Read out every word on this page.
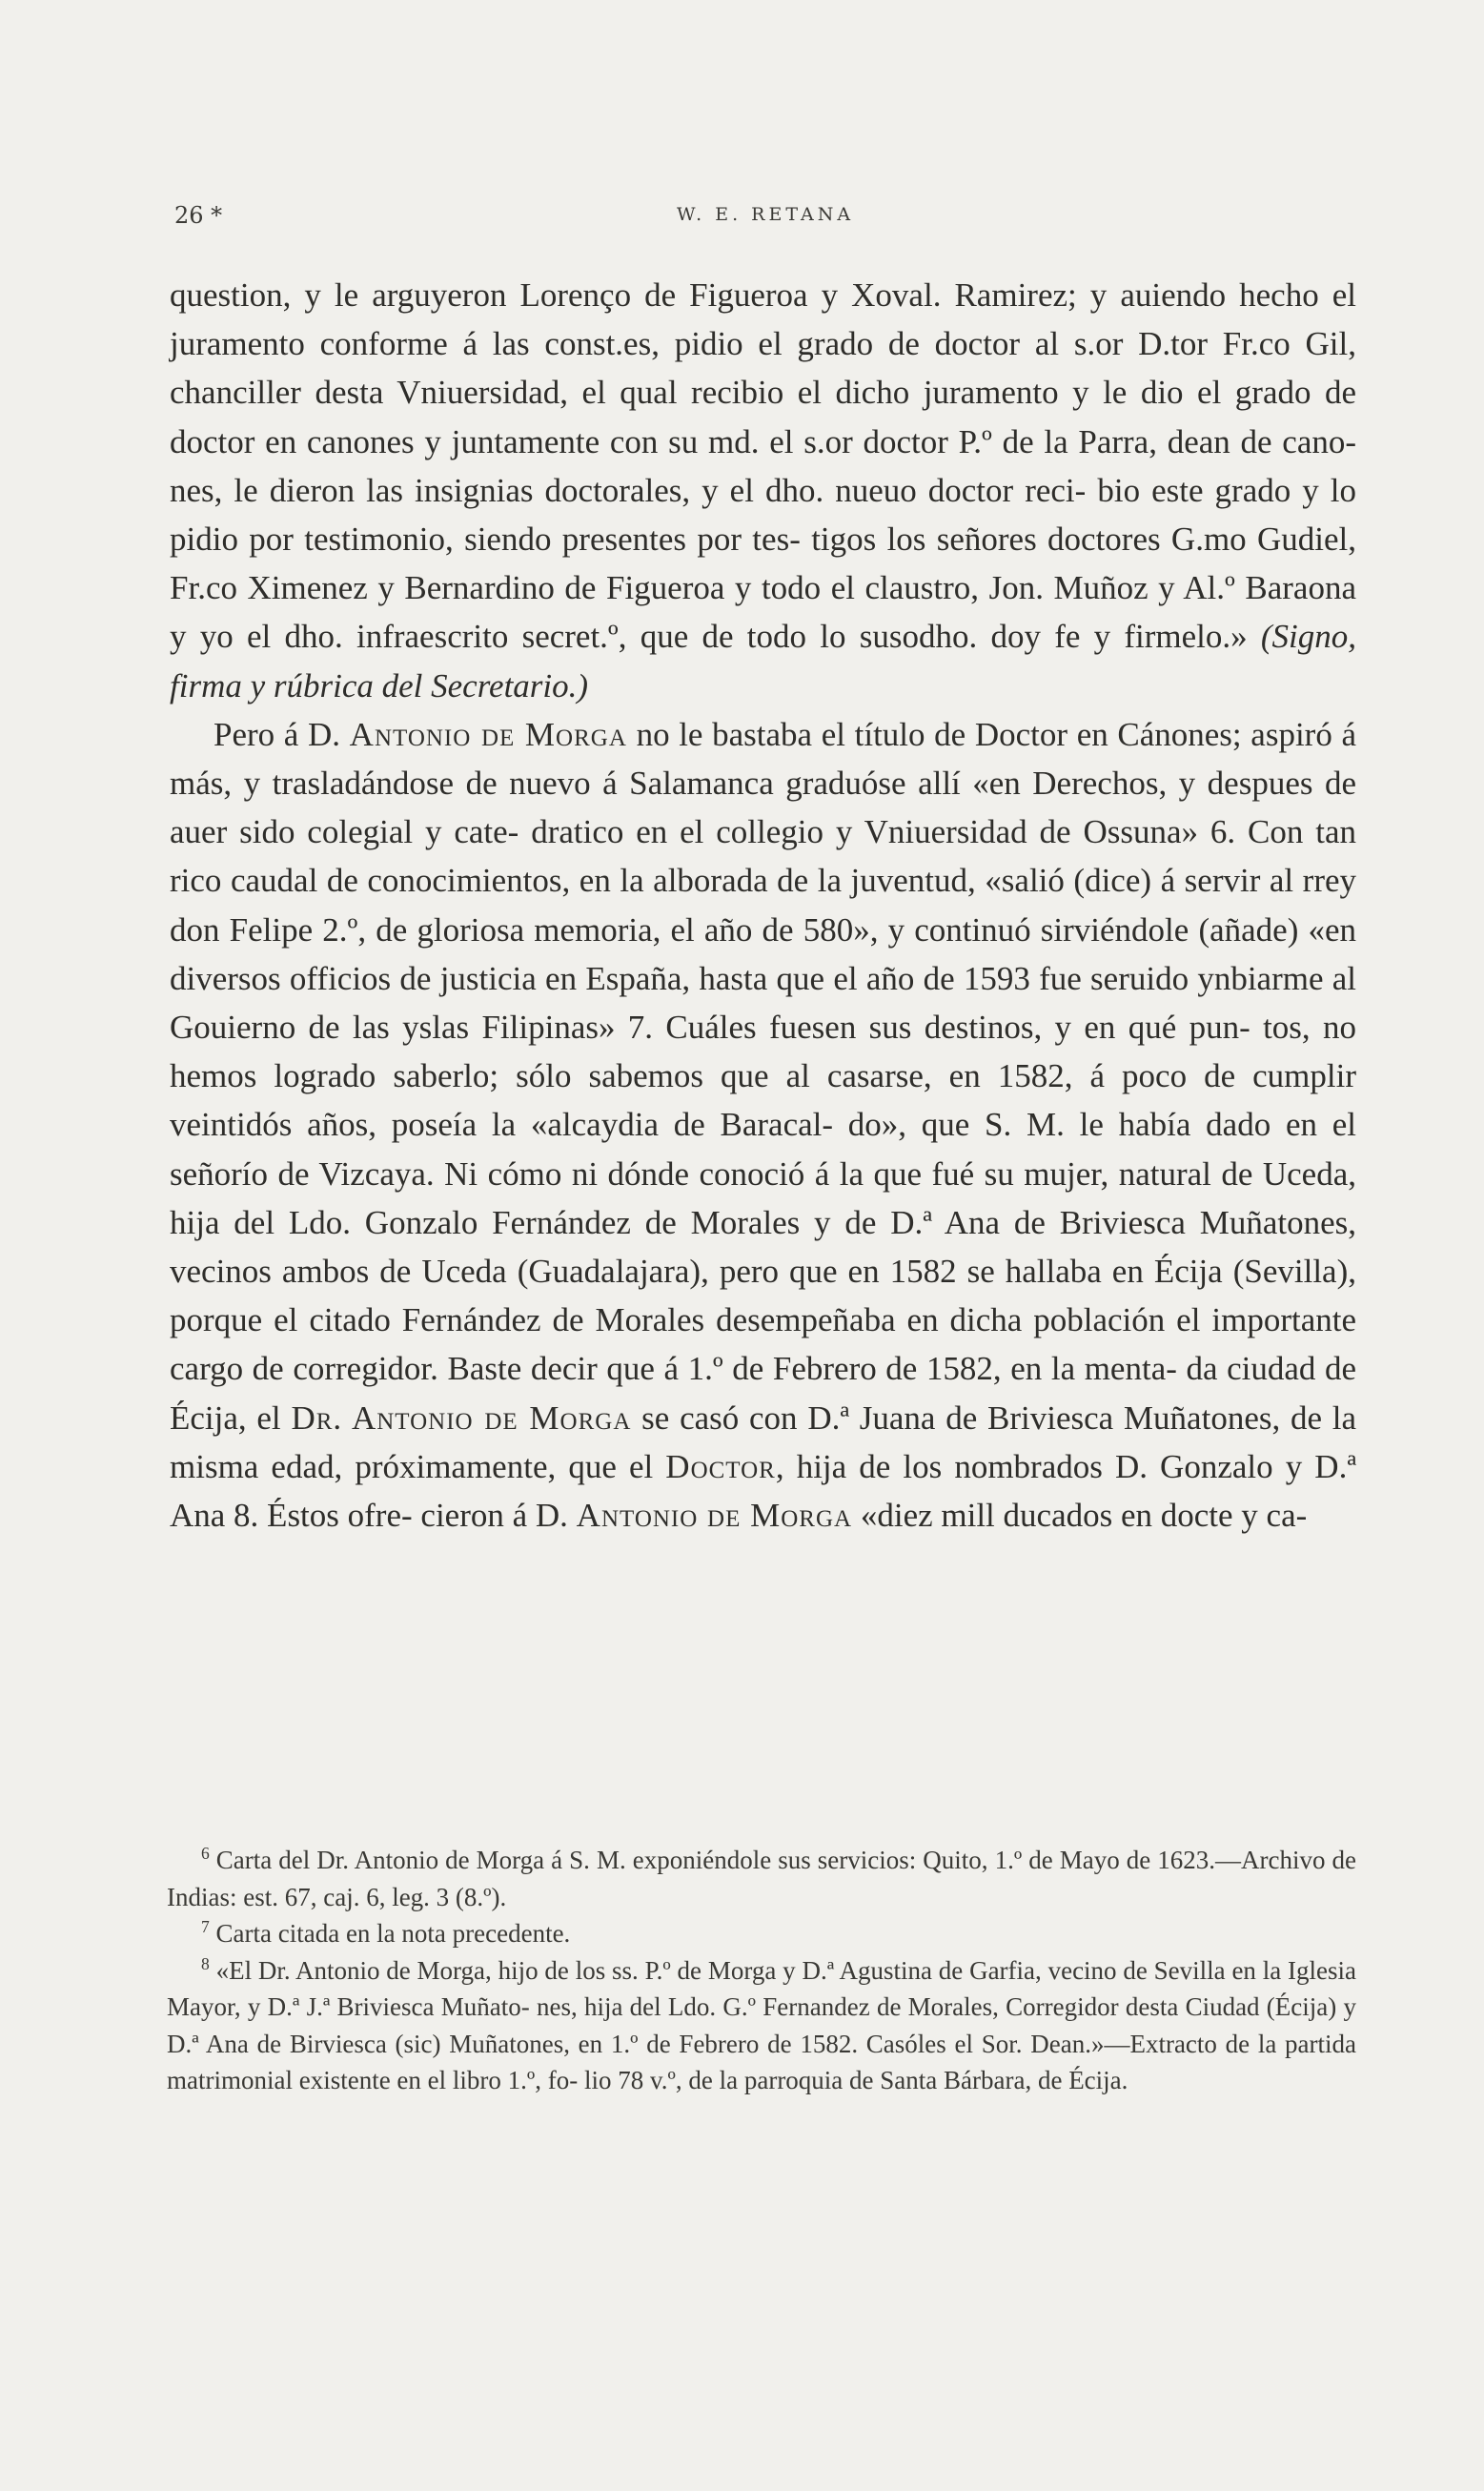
26 *	W. E. RETANA

question, y le arguyeron Lorenço de Figueroa y Xoval. Ramirez; y auiendo hecho el juramento conforme á las const.es, pidio el grado de doctor al s.or D.tor Fr.co Gil, chanciller desta Vniuersidad, el qual recibio el dicho juramento y le dio el grado de doctor en canones y juntamente con su md. el s.or doctor P.º de la Parra, dean de cano- nes, le dieron las insignias doctorales, y el dho. nueuo doctor reci- bio este grado y lo pidio por testimonio, siendo presentes por tes- tigos los señores doctores G.mo Gudiel, Fr.co Ximenez y Bernardino de Figueroa y todo el claustro, Jon. Muñoz y Al.º Baraona y yo el dho. infraescrito secret.º, que de todo lo susodho. doy fe y firmelo.» (Signo, firma y rúbrica del Secretario.)

Pero á D. Antonio de Morga no le bastaba el título de Doctor en Cánones; aspiró á más, y trasladándose de nuevo á Salamanca graduóse allí «en Derechos, y despues de auer sido colegial y cate- dratico en el collegio y Vniuersidad de Ossuna» 6. Con tan rico caudal de conocimientos, en la alborada de la juventud, «salió (dice) á servir al rrey don Felipe 2.º, de gloriosa memoria, el año de 580», y continuó sirviéndole (añade) «en diversos officios de justicia en España, hasta que el año de 1593 fue seruido ynbiarme al Gouierno de las yslas Filipinas» 7. Cuáles fuesen sus destinos, y en qué pun- tos, no hemos logrado saberlo; sólo sabemos que al casarse, en 1582, á poco de cumplir veintidós años, poseía la «alcaydia de Baracal- do», que S. M. le había dado en el señorío de Vizcaya. Ni cómo ni dónde conoció á la que fué su mujer, natural de Uceda, hija del Ldo. Gonzalo Fernández de Morales y de D.ª Ana de Briviesca Muñatones, vecinos ambos de Uceda (Guadalajara), pero que en 1582 se hallaba en Écija (Sevilla), porque el citado Fernández de Morales desempeñaba en dicha población el importante cargo de corregidor. Baste decir que á 1.º de Febrero de 1582, en la menta- da ciudad de Écija, el Dr. Antonio de Morga se casó con D.ª Juana de Briviesca Muñatones, de la misma edad, próximamente, que el Doctor, hija de los nombrados D. Gonzalo y D.ª Ana 8. Éstos ofre- cieron á D. Antonio de Morga «diez mill ducados en docte y ca-

$^6$ Carta del Dr. Antonio de Morga á S. M. exponiéndole sus servicios: Quito, 1.º de Mayo de 1623.—Archivo de Indias: est. 67, caj. 6, leg. 3 (8.º).

$^7$ Carta citada en la nota precedente.

$^8$ «El Dr. Antonio de Morga, hijo de los ss. P.º de Morga y D.ª Agustina de Garfia, vecino de Sevilla en la Iglesia Mayor, y D.ª J.ª Briviesca Muñato- nes, hija del Ldo. G.º Fernandez de Morales, Corregidor desta Ciudad (Écija) y D.ª Ana de Birviesca (sic) Muñatones, en 1.º de Febrero de 1582. Casóles el Sor. Dean.»—Extracto de la partida matrimonial existente en el libro 1.º, fo- lio 78 v.º, de la parroquia de Santa Bárbara, de Écija.
